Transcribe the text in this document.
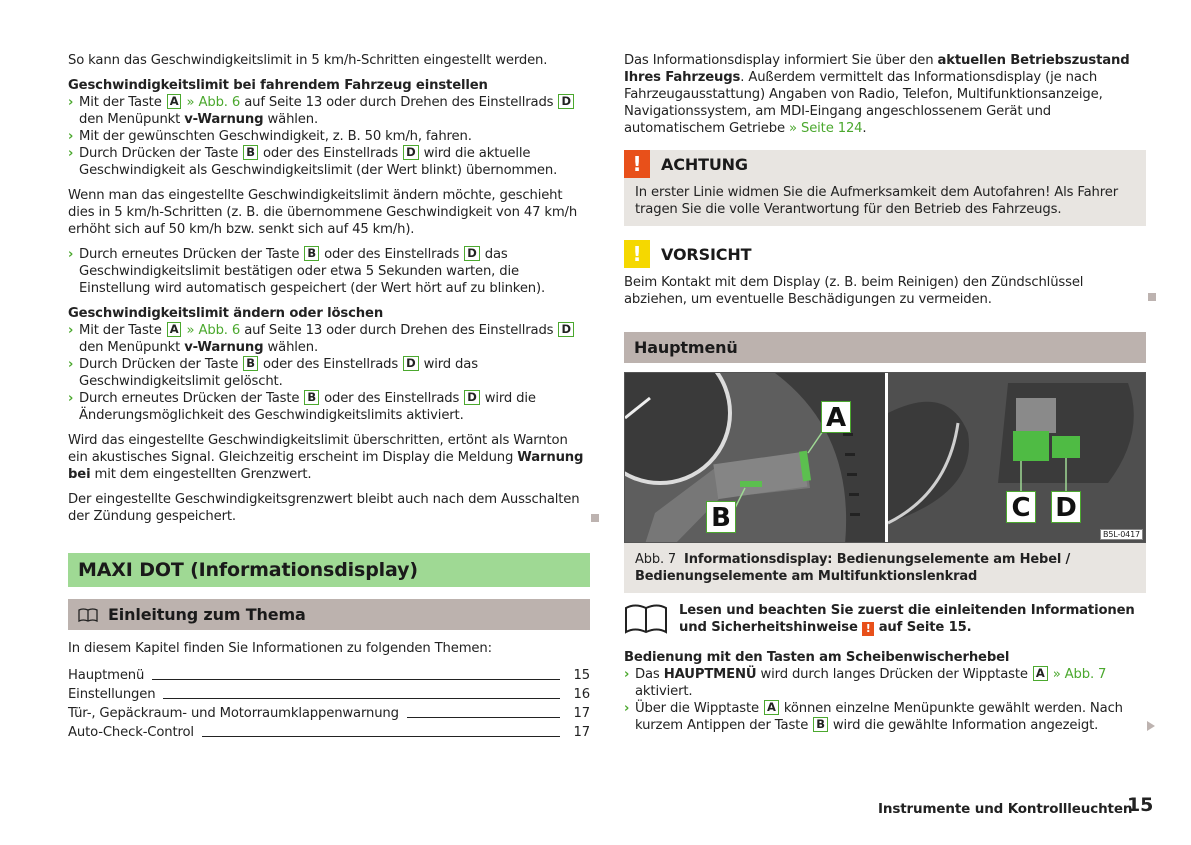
So kann das Geschwindigkeitslimit in 5 km/h-Schritten eingestellt werden.

Geschwindigkeitslimit bei fahrendem Fahrzeug einstellen
› Mit der Taste A » Abb. 6 auf Seite 13 oder durch Drehen des Einstellrads D den Menüpunkt v-Warnung wählen.
› Mit der gewünschten Geschwindigkeit, z. B. 50 km/h, fahren.
› Durch Drücken der Taste B oder des Einstellrads D wird die aktuelle Geschwindigkeit als Geschwindigkeitslimit (der Wert blinkt) übernommen.

Wenn man das eingestellte Geschwindigkeitslimit ändern möchte, geschieht dies in 5 km/h-Schritten (z. B. die übernommene Geschwindigkeit von 47 km/h erhöht sich auf 50 km/h bzw. senkt sich auf 45 km/h).

› Durch erneutes Drücken der Taste B oder des Einstellrads D das Geschwindigkeitslimit bestätigen oder etwa 5 Sekunden warten, die Einstellung wird automatisch gespeichert (der Wert hört auf zu blinken).
Geschwindigkeitslimit ändern oder löschen
› Mit der Taste A » Abb. 6 auf Seite 13 oder durch Drehen des Einstellrads D den Menüpunkt v-Warnung wählen.
› Durch Drücken der Taste B oder des Einstellrads D wird das Geschwindigkeitslimit gelöscht.
› Durch erneutes Drücken der Taste B oder des Einstellrads D wird die Änderungsmöglichkeit des Geschwindigkeitslimits aktiviert.

Wird das eingestellte Geschwindigkeitslimit überschritten, ertönt als Warnton ein akustisches Signal. Gleichzeitig erscheint im Display die Meldung Warnung bei mit dem eingestellten Grenzwert.

Der eingestellte Geschwindigkeitsgrenzwert bleibt auch nach dem Ausschalten der Zündung gespeichert.

MAXI DOT (Informationsdisplay)
Einleitung zum Thema

In diesem Kapitel finden Sie Informationen zu folgenden Themen:

Hauptmenü	15
Einstellungen	16
Tür-, Gepäckraum- und Motorraumklappenwarnung	17
Auto-Check-Control	17

Das Informationsdisplay informiert Sie über den aktuellen Betriebszustand Ihres Fahrzeugs. Außerdem vermittelt das Informationsdisplay (je nach Fahrzeugausstattung) Angaben von Radio, Telefon, Multifunktionsanzeige, Navigationssystem, am MDI-Eingang angeschlossenem Gerät und automatischem Getriebe » Seite 124.

!	ACHTUNG
In erster Linie widmen Sie die Aufmerksamkeit dem Autofahren! Als Fahrer tragen Sie die volle Verantwortung für den Betrieb des Fahrzeugs.
!	VORSICHT

Beim Kontakt mit dem Display (z. B. beim Reinigen) den Zündschlüssel abziehen, um eventuelle Beschädigungen zu vermeiden.

Hauptmenü
A
B	C D
B5L-0417
Abb. 7 Informationsdisplay: Bedienungselemente am Hebel / Bedienungselemente am Multifunktionslenkrad
Lesen und beachten Sie zuerst die einleitenden Informationen und Sicherheitshinweise ! auf Seite 15.
Bedienung mit den Tasten am Scheibenwischerhebel
› Das HAUPTMENÜ wird durch langes Drücken der Wipptaste A » Abb. 7 aktiviert.
› Über die Wipptaste A können einzelne Menüpunkte gewählt werden. Nach kurzem Antippen der Taste B wird die gewählte Information angezeigt.
Instrumente und Kontrollleuchten
15
